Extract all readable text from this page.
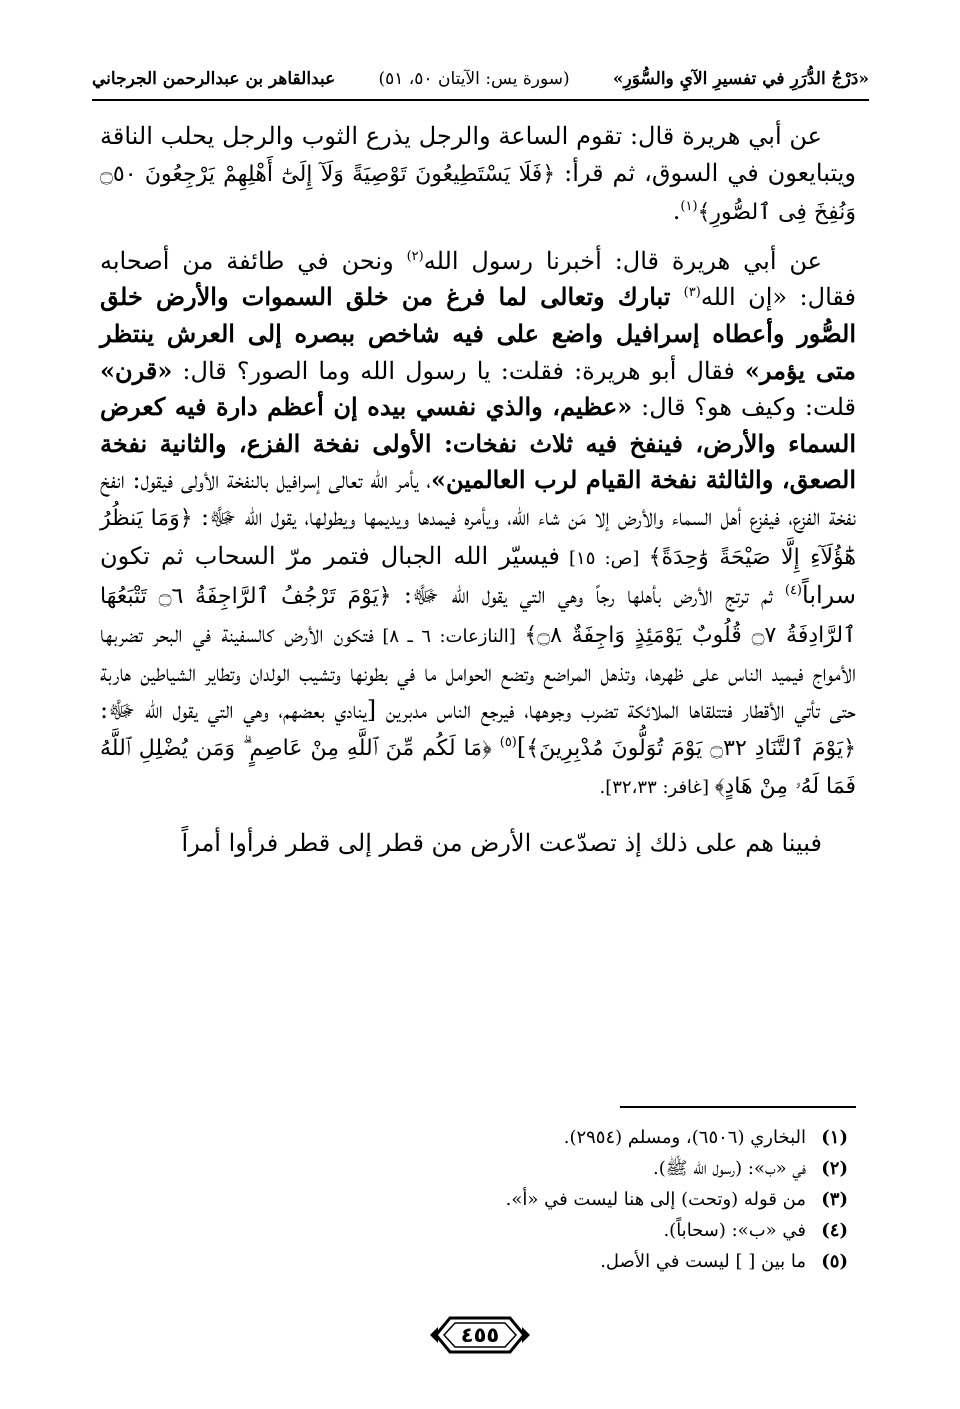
«دَرْجُ الدُّرَرِ في تفسيرِ الآيِ والسُّوَرِ»
(سورة يس: الآيتان ٥٠، ٥١)
عبدالقاهر بن عبدالرحمن الجرجاني

عن أبي هريرة قال: تقوم الساعة والرجل يذرع الثوب والرجل يحلب الناقة ويتبايعون في السوق، ثم قرأ: ﴿فَلَا يَسْتَطِيعُونَ تَوْصِيَةً وَلَآ إِلَىٰٓ أَهْلِهِمْ يَرْجِعُونَ ۝٥٠ وَنُفِخَ فِى ٱلصُّورِ﴾$^{(١)}$.

عن أبي هريرة قال: أخبرنا رسول الله$^{(٢)}$ ونحن في طائفة من أصحابه فقال: «إن الله$^{(٣)}$ تبارك وتعالى لما فرغ من خلق السموات والأرض خلق الصُّور وأعطاه إسرافيل واضع على فيه شاخص ببصره إلى العرش ينتظر متى يؤمر» فقال أبو هريرة: فقلت: يا رسول الله وما الصور؟ قال: «قرن» قلت: وكيف هو؟ قال: «عظيم، والذي نفسي بيده إن أعظم دارة فيه كعرض السماء والأرض، فينفخ فيه ثلاث نفخات: الأولى نفخة الفزع، والثانية نفخة الصعق، والثالثة نفخة القيام لرب العالمين»، يأمر الله تعالى إسرافيل بالنفخة الأولى فيقول: انفخ نفخة الفزع، فيفزع أهل السماء والأرض إلا مَن شاء الله، ويأمره فيمدها ويديمها ويطولها، يقول الله ﷻ: ﴿وَمَا يَنظُرُ هَٰٓؤُلَآءِ إِلَّا صَيْحَةً وَٰحِدَةً﴾ [ص: ١٥] فيسيّر الله الجبال فتمر مرّ السحاب ثم تكون سراباً$^{(٤)}$ ثم ترتج الأرض بأهلها رجاً وهي التي يقول الله ﷻ: ﴿يَوْمَ تَرْجُفُ ٱلرَّاجِفَةُ ۝٦ تَتْبَعُهَا ٱلرَّادِفَةُ ۝٧ قُلُوبٌ يَوْمَئِذٍ وَاجِفَةٌ ۝٨﴾ [النازعات: ٦ ـ ٨] فتكون الأرض كالسفينة في البحر تضربها الأمواج فيميد الناس على ظهرها، وتذهل المراضع وتضع الحوامل ما في بطونها وتشيب الولدان وتطاير الشياطين هاربة حتى تأتي الأقطار فتتلقاها الملائكة تضرب وجوهها، فيرجع الناس مدبرين [ينادي بعضهم، وهي التي يقول الله ﷻ: ﴿يَوْمَ ٱلتَّنَادِ ۝٣٢ يَوْمَ تُوَلُّونَ مُدْبِرِينَ﴾]$^{(٥)}$ ﴿مَا لَكُم مِّنَ ٱللَّهِ مِنْ عَاصِمٍ ۗ وَمَن يُضْلِلِ ٱللَّهُ فَمَا لَهُۥ مِنْ هَادٍ﴾ [غافر: ٣٢،٣٣].

فبينا هم على ذلك إذ تصدّعت الأرض من قطر إلى قطر فرأوا أمراً

(١)
البخاري (٦٥٠٦)، ومسلم (٢٩٥٤).
(٢)
في «ب»: (رسول الله ﷺ).
(٣)
من قوله (وتحت) إلى هنا ليست في «أ».
(٤)
في «ب»: (سحاباً).
(٥)
ما بين [ ] ليست في الأصل.
٤٥٥
